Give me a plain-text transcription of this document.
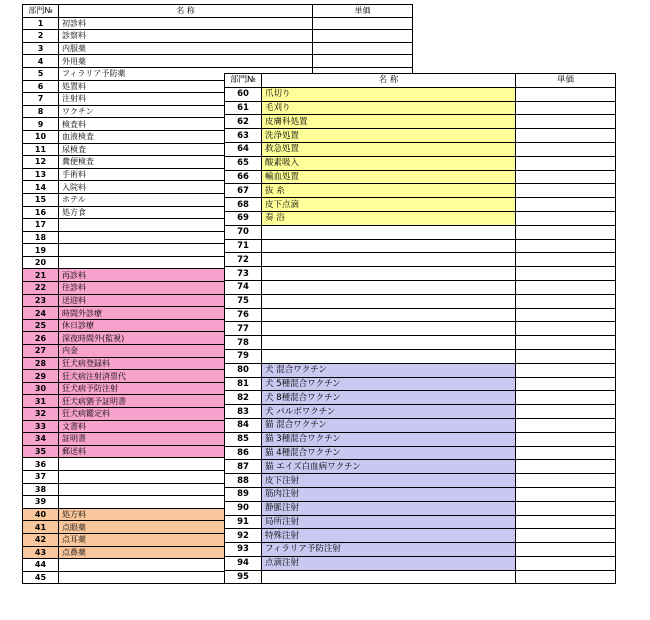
部門№	名 称	単価
1	初診料	
2	診察料	
3	内服薬	
4	外用薬	
5	フィラリア予防薬	
6	処置料	
7	注射料	
8	ワクチン	
9	検査料	
10	血液検査	
11	尿検査	
12	糞便検査	
13	手術料	
14	入院料	
15	ホテル	
16	処方食	
17		
18		
19		
20		
21	再診料	
22	往診料	
23	送迎料	
24	時間外診療	
25	休日診療	
26	深夜時間外(監視)	
27	内金	
28	狂犬病登録料	
29	狂犬病注射済票代	
30	狂犬病予防注射	
31	狂犬病猶予証明書	
32	狂犬病鑑定料	
33	文書料	
34	証明書	
35	郵送料	
36		
37		
38		
39		
40	処方料	
41	点眼薬	
42	点耳薬	
43	点鼻薬	
44		
45		
部門№	名 称	単価
60	爪切り	
61	毛刈り	
62	皮膚科処置	
63	洗浄処置	
64	救急処置	
65	酸素吸入	
66	輸血処置	
67	抜 糸	
68	皮下点滴	
69	奏 浴	
70		
71		
72		
73		
74		
75		
76		
77		
78		
79		
80	犬 混合ワクチン	
81	犬 5種混合ワクチン	
82	犬 8種混合ワクチン	
83	犬 パルボワクチン	
84	猫 混合ワクチン	
85	猫 3種混合ワクチン	
86	猫 4種混合ワクチン	
87	猫 エイズ白血病ワクチン	
88	皮下注射	
89	筋肉注射	
90	静脈注射	
91	局所注射	
92	特殊注射	
93	フィラリア予防注射	
94	点滴注射	
95		
